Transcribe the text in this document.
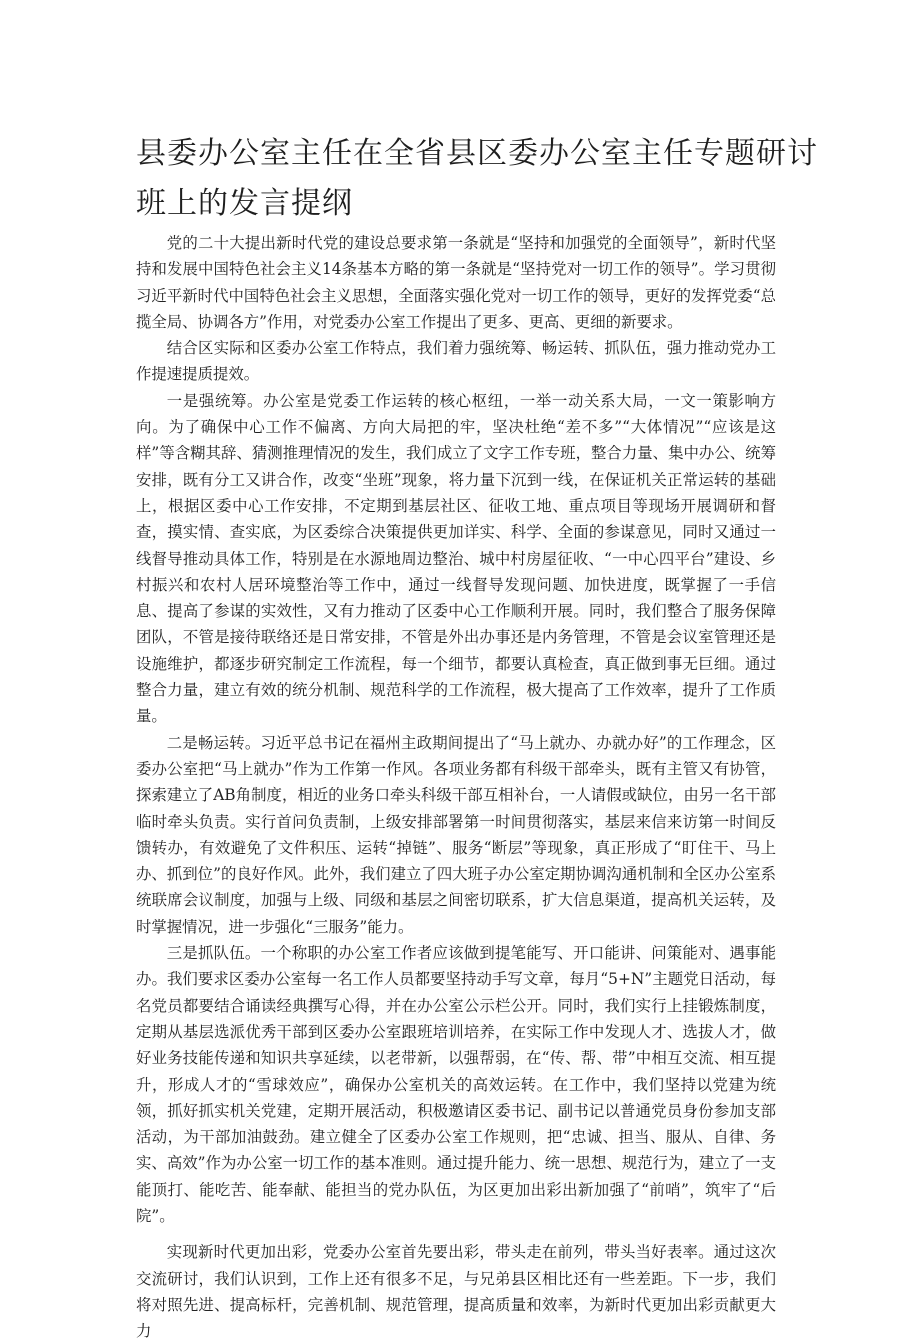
县委办公室主任在全省县区委办公室主任专题研讨
班上的发言提纲

党的二十大提出新时代党的建设总要求第一条就是“坚持和加强党的全面领导”，新时代坚持和发展中国特色社会主义14条基本方略的第一条就是“坚持党对一切工作的领导”。学习贯彻习近平新时代中国特色社会主义思想，全面落实强化党对一切工作的领导，更好的发挥党委“总揽全局、协调各方”作用，对党委办公室工作提出了更多、更高、更细的新要求。

结合区实际和区委办公室工作特点，我们着力强统筹、畅运转、抓队伍，强力推动党办工作提速提质提效。

一是强统筹。办公室是党委工作运转的核心枢纽，一举一动关系大局，一文一策影响方向。为了确保中心工作不偏离、方向大局把的牢，坚决杜绝“差不多”“大体情况”“应该是这样”等含糊其辞、猜测推理情况的发生，我们成立了文字工作专班，整合力量、集中办公、统筹安排，既有分工又讲合作，改变“坐班”现象，将力量下沉到一线，在保证机关正常运转的基础上，根据区委中心工作安排，不定期到基层社区、征收工地、重点项目等现场开展调研和督查，摸实情、查实底，为区委综合决策提供更加详实、科学、全面的参谋意见，同时又通过一线督导推动具体工作，特别是在水源地周边整治、城中村房屋征收、“一中心四平台”建设、乡村振兴和农村人居环境整治等工作中，通过一线督导发现问题、加快进度，既掌握了一手信息、提高了参谋的实效性，又有力推动了区委中心工作顺利开展。同时，我们整合了服务保障团队，不管是接待联络还是日常安排，不管是外出办事还是内务管理，不管是会议室管理还是设施维护，都逐步研究制定工作流程，每一个细节，都要认真检查，真正做到事无巨细。通过整合力量，建立有效的统分机制、规范科学的工作流程，极大提高了工作效率，提升了工作质量。

二是畅运转。习近平总书记在福州主政期间提出了“马上就办、办就办好”的工作理念，区委办公室把“马上就办”作为工作第一作风。各项业务都有科级干部牵头，既有主管又有协管，探索建立了AB角制度，相近的业务口牵头科级干部互相补台，一人请假或缺位，由另一名干部临时牵头负责。实行首问负责制，上级安排部署第一时间贯彻落实，基层来信来访第一时间反馈转办，有效避免了文件积压、运转“掉链”、服务“断层”等现象，真正形成了“盯住干、马上办、抓到位”的良好作风。此外，我们建立了四大班子办公室定期协调沟通机制和全区办公室系统联席会议制度，加强与上级、同级和基层之间密切联系，扩大信息渠道，提高机关运转，及时掌握情况，进一步强化“三服务”能力。

三是抓队伍。一个称职的办公室工作者应该做到提笔能写、开口能讲、问策能对、遇事能办。我们要求区委办公室每一名工作人员都要坚持动手写文章，每月“5+N”主题党日活动，每名党员都要结合诵读经典撰写心得，并在办公室公示栏公开。同时，我们实行上挂锻炼制度，定期从基层选派优秀干部到区委办公室跟班培训培养，在实际工作中发现人才、选拔人才，做好业务技能传递和知识共享延续，以老带新，以强帮弱，在“传、帮、带”中相互交流、相互提升，形成人才的“雪球效应”，确保办公室机关的高效运转。在工作中，我们坚持以党建为统领，抓好抓实机关党建，定期开展活动，积极邀请区委书记、副书记以普通党员身份参加支部活动，为干部加油鼓劲。建立健全了区委办公室工作规则，把“忠诚、担当、服从、自律、务实、高效”作为办公室一切工作的基本准则。通过提升能力、统一思想、规范行为，建立了一支能顶打、能吃苦、能奉献、能担当的党办队伍，为区更加出彩出新加强了“前哨”，筑牢了“后院”。

实现新时代更加出彩，党委办公室首先要出彩，带头走在前列，带头当好表率。通过这次交流研讨，我们认识到，工作上还有很多不足，与兄弟县区相比还有一些差距。下一步，我们将对照先进、提高标杆，完善机制、规范管理，提高质量和效率，为新时代更加出彩贡献更大力
